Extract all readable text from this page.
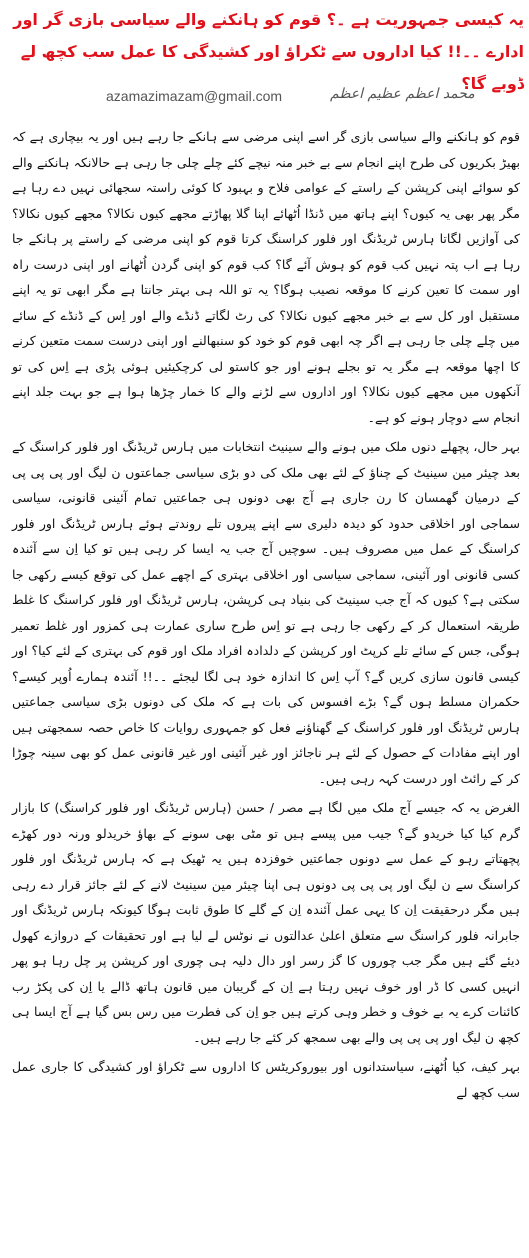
یہ کیسی جمہوریت ہے ۔؟ قوم کو ہانکنے والے سیاسی بازی گر اور ادارے ۔۔!! کیا اداروں سے ٹکراؤ اور کشیدگی کا عمل سب کچھ لے ڈوبے گا؟
azamazimazam@gmail.com	محمد اعظم عظیم اعظم

قوم کو ہانکنے والے سیاسی بازی گر اسے اپنی مرضی سے ہانکے جا رہے ہیں اور یہ بیچاری ہے کہ بھیڑ بکریوں کی طرح اپنے انجام سے بے خبر منہ نیچے کئے چلے چلی جا رہی ہے حالانکہ ہانکنے والے کو سوائے اپنی کرپشن کے راستے کے عوامی فلاح و بہبود کا کوئی راستہ سجھائی نہیں دے رہا ہے مگر پھر بھی یہ کیوں؟ اپنے ہاتھ میں ڈنڈا اُٹھائے اپنا گلا پھاڑتے مجھے کیوں نکالا؟ مجھے کیوں نکالا؟ کی آوازیں لگاتا ہارس ٹریڈنگ اور فلور کراسنگ کرتا قوم کو اپنی مرضی کے راستے پر ہانکے جا رہا ہے اب پتہ نہیں کب قوم کو ہوش آئے گا؟ کب قوم کو اپنی گردن اُٹھانے اور اپنی درست راہ اور سمت کا تعین کرنے کا موقعہ نصیب ہوگا؟ یہ تو اللہ ہی بہتر جانتا ہے مگر ابھی تو یہ اپنے مستقبل اور کل سے بے خبر مجھے کیوں نکالا؟ کی رٹ لگاتے ڈنڈے والے اور اِس کے ڈنڈے کے سائے میں چلے چلی جا رہی ہے اگر چہ ابھی قوم کو خود کو سنبھالنے اور اپنی درست سمت متعین کرنے کا اچھا موقعہ ہے مگر یہ تو بجلے ہونے اور جو کاستو لی کرچکیئیں ہوئی پڑی ہے اِس کی تو آنکھوں میں مجھے کیوں نکالا؟ اور اداروں سے لڑنے والے کا خمار چڑھا ہوا ہے جو بہت جلد اپنے انجام سے دوچار ہونے کو ہے۔

بہر حال، پچھلے دنوں ملک میں ہونے والے سینیٹ انتخابات میں ہارس ٹریڈنگ اور فلور کراسنگ کے بعد چیئر مین سینیٹ کے چناؤ کے لئے بھی ملک کی دو بڑی سیاسی جماعتوں ن لیگ اور پی پی پی کے درمیان گھمسان کا رن جاری ہے آج بھی دونوں ہی جماعتیں تمام آئینی قانونی، سیاسی سماجی اور اخلاقی حدود کو دیدہ دلیری سے اپنے پیروں تلے روندتے ہوئے ہارس ٹریڈنگ اور فلور کراسنگ کے عمل میں مصروف ہیں۔ سوچیں آج جب یہ ایسا کر رہی ہیں تو کیا اِن سے آئندہ کسی قانونی اور آئینی، سماجی سیاسی اور اخلاقی بہتری کے اچھے عمل کی توقع کیسے رکھی جا سکتی ہے؟ کیوں کہ آج جب سینیٹ کی بنیاد ہی کرپشن، ہارس ٹریڈنگ اور فلور کراسنگ کا غلط طریقہ استعمال کر کے رکھی جا رہی ہے تو اِس طرح ساری عمارت ہی کمزور اور غلط تعمیر ہوگی، جس کے سائے تلے کرپٹ اور کرپشن کے دلدادہ افراد ملک اور قوم کی بہتری کے لئے کیا؟ اور کیسی قانون سازی کریں گے؟ آپ اِس کا اندازہ خود ہی لگا لیجئے ۔۔!! آئندہ ہمارے اُوپر کیسے؟ حکمران مسلط ہوں گے؟ بڑے افسوس کی بات ہے کہ ملک کی دونوں بڑی سیاسی جماعتیں ہارس ٹریڈنگ اور فلور کراسنگ کے گھناؤنے فعل کو جمہوری روایات کا خاص حصہ سمجھتی ہیں اور اپنے مفادات کے حصول کے لئے ہر ناجائز اور غیر آئینی اور غیر قانونی عمل کو بھی سینہ چوڑا کر کے رائٹ اور درست کہہ رہی ہیں۔

الغرض یہ کہ جیسے آج ملک میں لگا ہے مصر / حسن (ہارس ٹریڈنگ اور فلور کراسنگ) کا بازار گرم کیا کیا خریدو گے؟ جیب میں پیسے ہیں تو مٹی بھی سونے کے بھاؤ خریدلو ورنہ دور کھڑے پچھتاتے رہو کے عمل سے دونوں جماعتیں خوفزدہ ہیں یہ ٹھیک ہے کہ ہارس ٹریڈنگ اور فلور کراسنگ سے ن لیگ اور پی پی پی دونوں ہی اپنا چیئر مین سینیٹ لانے کے لئے جائز قرار دے رہی ہیں مگر درحقیقت اِن کا یہی عمل آئندہ اِن کے گلے کا طوق ثابت ہوگا کیونکہ ہارس ٹریڈنگ اور جابرانہ فلور کراسنگ سے متعلق اعلیٰ عدالتوں نے نوٹس لے لیا ہے اور تحقیقات کے دروازے کھول دیئے گئے ہیں مگر جب چوروں کا گز رسر اور دال دلیہ ہی چوری اور کرپشن پر چل رہا ہو پھر انہیں کسی کا ڈر اور خوف نہیں رہتا ہے اِن کے گریبان میں قانون ہاتھ ڈالے یا اِن کی پکڑ رب کائنات کرے یہ بے خوف و خطر وہی کرتے ہیں جو اِن کی فطرت میں رس بس گیا ہے آج ایسا ہی کچھ ن لیگ اور پی پی پی والے بھی سمجھ کر کئے جا رہے ہیں۔

بہر کیف، کیا اُٹھنے، سیاستدانوں اور بیوروکریٹس کا اداروں سے ٹکراؤ اور کشیدگی کا جاری عمل سب کچھ لے
